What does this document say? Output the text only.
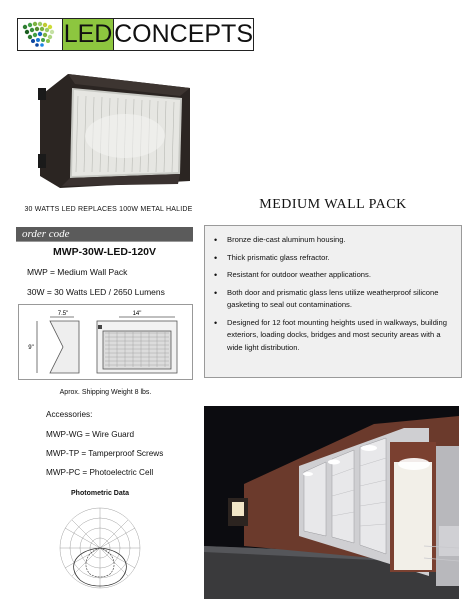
LED CONCEPTS
30 WATTS LED REPLACES 100W METAL HALIDE	MEDIUM WALL PACK
order code
MWP-30W-LED-120V
MWP = Medium Wall Pack
30W = 30 Watts LED / 2650 Lumens
7.5"	14"
9"
Aprox. Shipping Weight 8 lbs.
• Bronze die-cast aluminum housing.
• Thick prismatic glass refractor.
• Resistant for outdoor weather applications.
• Both door and prismatic glass lens utilize weatherproof silicone gasketing to seal out contaminations.
• Designed for 12 foot mounting heights used in walkways, building exteriors, loading docks, bridges and most security areas with a wide light distribution.
Accessories:
MWP-WG = Wire Guard
MWP-TP = Tamperproof Screws
MWP-PC = Photoelectric Cell
Photometric Data
